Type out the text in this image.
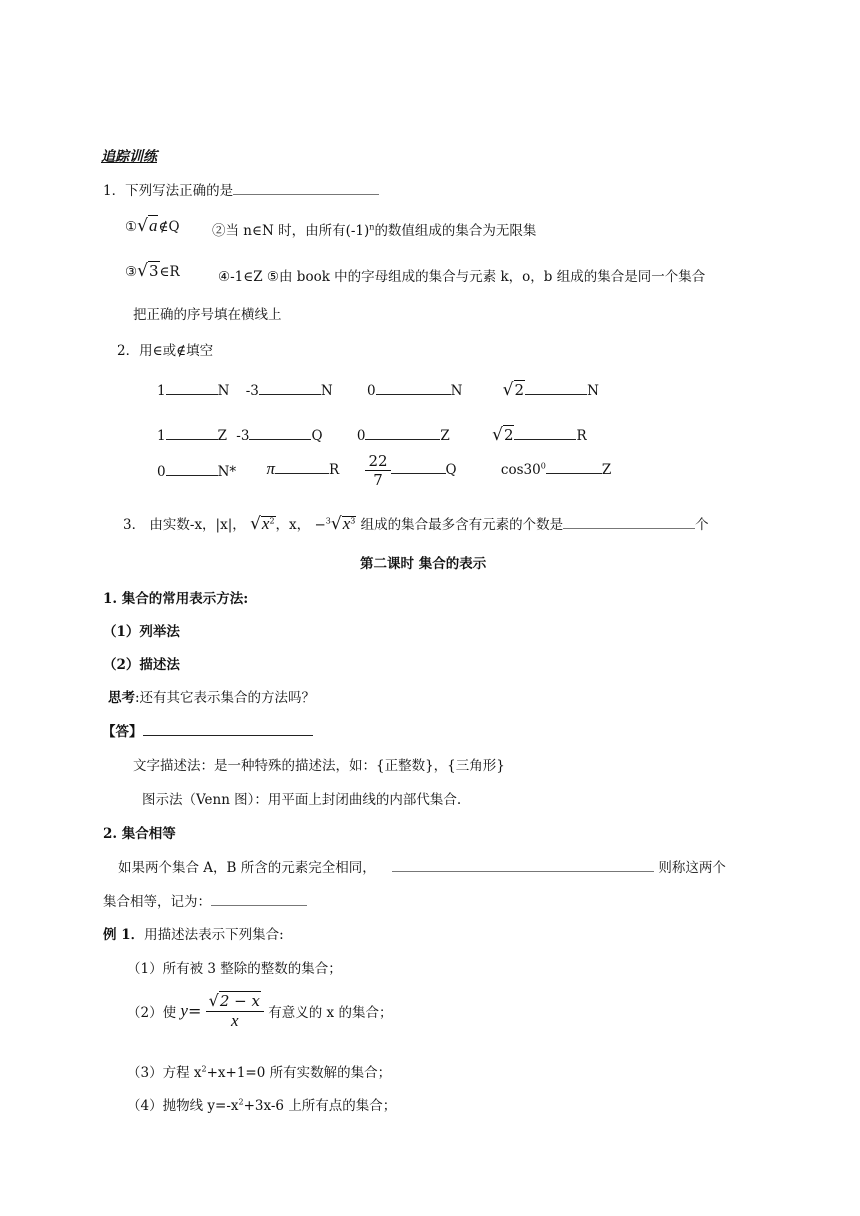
追踪训练
1．下列写法正确的是
①√a∉Q ②当 n∈N 时，由所有$(-1)^n$的数值组成的集合为无限集
③√3∈R	④-1∈Z ⑤由 book 中的字母组成的集合与元素 k，o，b 组成的集合是同一个集合
把正确的序号填在横线上
2．用∈或∉填空
1	N -3	N	0	N √2	N
1	Z -3	Q	0	Z √2	R
0	N* π	R $\frac{22}{7}$	Q	$\cos 30^0$	Z
3． 由实数-x，|x|， $√x^2$，x， $-^3√x^3$ 组成的集合最多含有元素的个数是	个
第二课时 集合的表示
1. 集合的常用表示方法:
（1）列举法
（2）描述法
思考:还有其它表示集合的方法吗？
【答】
文字描述法：是一种特殊的描述法，如：{正整数}，{三角形}
图示法（Venn 图）：用平面上封闭曲线的内部代集合.
2. 集合相等
如果两个集合 A，B 所含的元素完全相同，	则称这两个
集合相等，记为：
例 1．用描述法表示下列集合:
（1）所有被 3 整除的整数的集合；
（2）使 $y= \frac{√2 - x}{x}$ 有意义的 x 的集合；
（3）方程 $x^2+x+1=0$ 所有实数解的集合；
（4）抛物线 $y=-x^2+3x-6$ 上所有点的集合；
